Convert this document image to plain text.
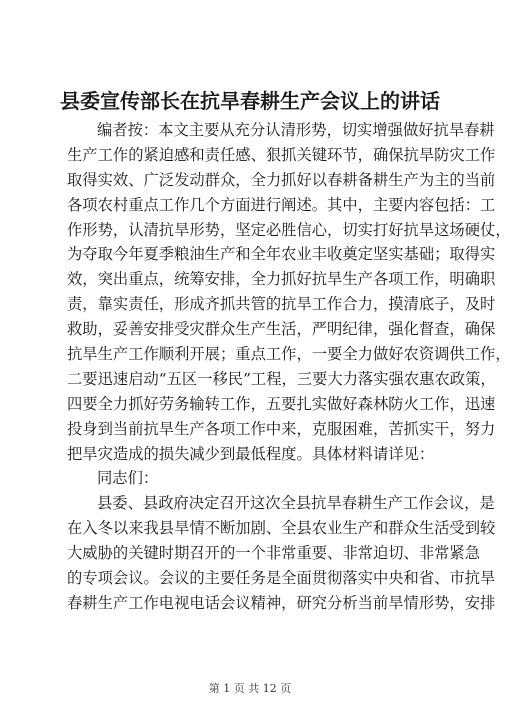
县委宣传部长在抗旱春耕生产会议上的讲话
编者按：本文主要从充分认清形势，切实增强做好抗旱春耕
生产工作的紧迫感和责任感、狠抓关键环节，确保抗旱防灾工作
取得实效、广泛发动群众，全力抓好以春耕备耕生产为主的当前
各项农村重点工作几个方面进行阐述。其中，主要内容包括：工
作形势，认清抗旱形势，坚定必胜信心，切实打好抗旱这场硬仗，
为夺取今年夏季粮油生产和全年农业丰收奠定坚实基础；取得实
效，突出重点，统筹安排，全力抓好抗旱生产各项工作，明确职
责，靠实责任，形成齐抓共管的抗旱工作合力，摸清底子，及时
救助，妥善安排受灾群众生产生活，严明纪律，强化督查，确保
抗旱生产工作顺利开展；重点工作，一要全力做好农资调供工作，
二要迅速启动“五区一移民”工程，三要大力落实强农惠农政策，
四要全力抓好劳务输转工作，五要扎实做好森林防火工作，迅速
投身到当前抗旱生产各项工作中来，克服困难，苦抓实干，努力
把旱灾造成的损失减少到最低程度。具体材料请详见：
同志们：
县委、县政府决定召开这次全县抗旱春耕生产工作会议，是
在入冬以来我县旱情不断加剧、全县农业生产和群众生活受到较
大威胁的关键时期召开的一个非常重要、非常迫切、非常紧急
的专项会议。会议的主要任务是全面贯彻落实中央和省、市抗旱
春耕生产工作电视电话会议精神，研究分析当前旱情形势，安排
第 1 页 共 12 页
